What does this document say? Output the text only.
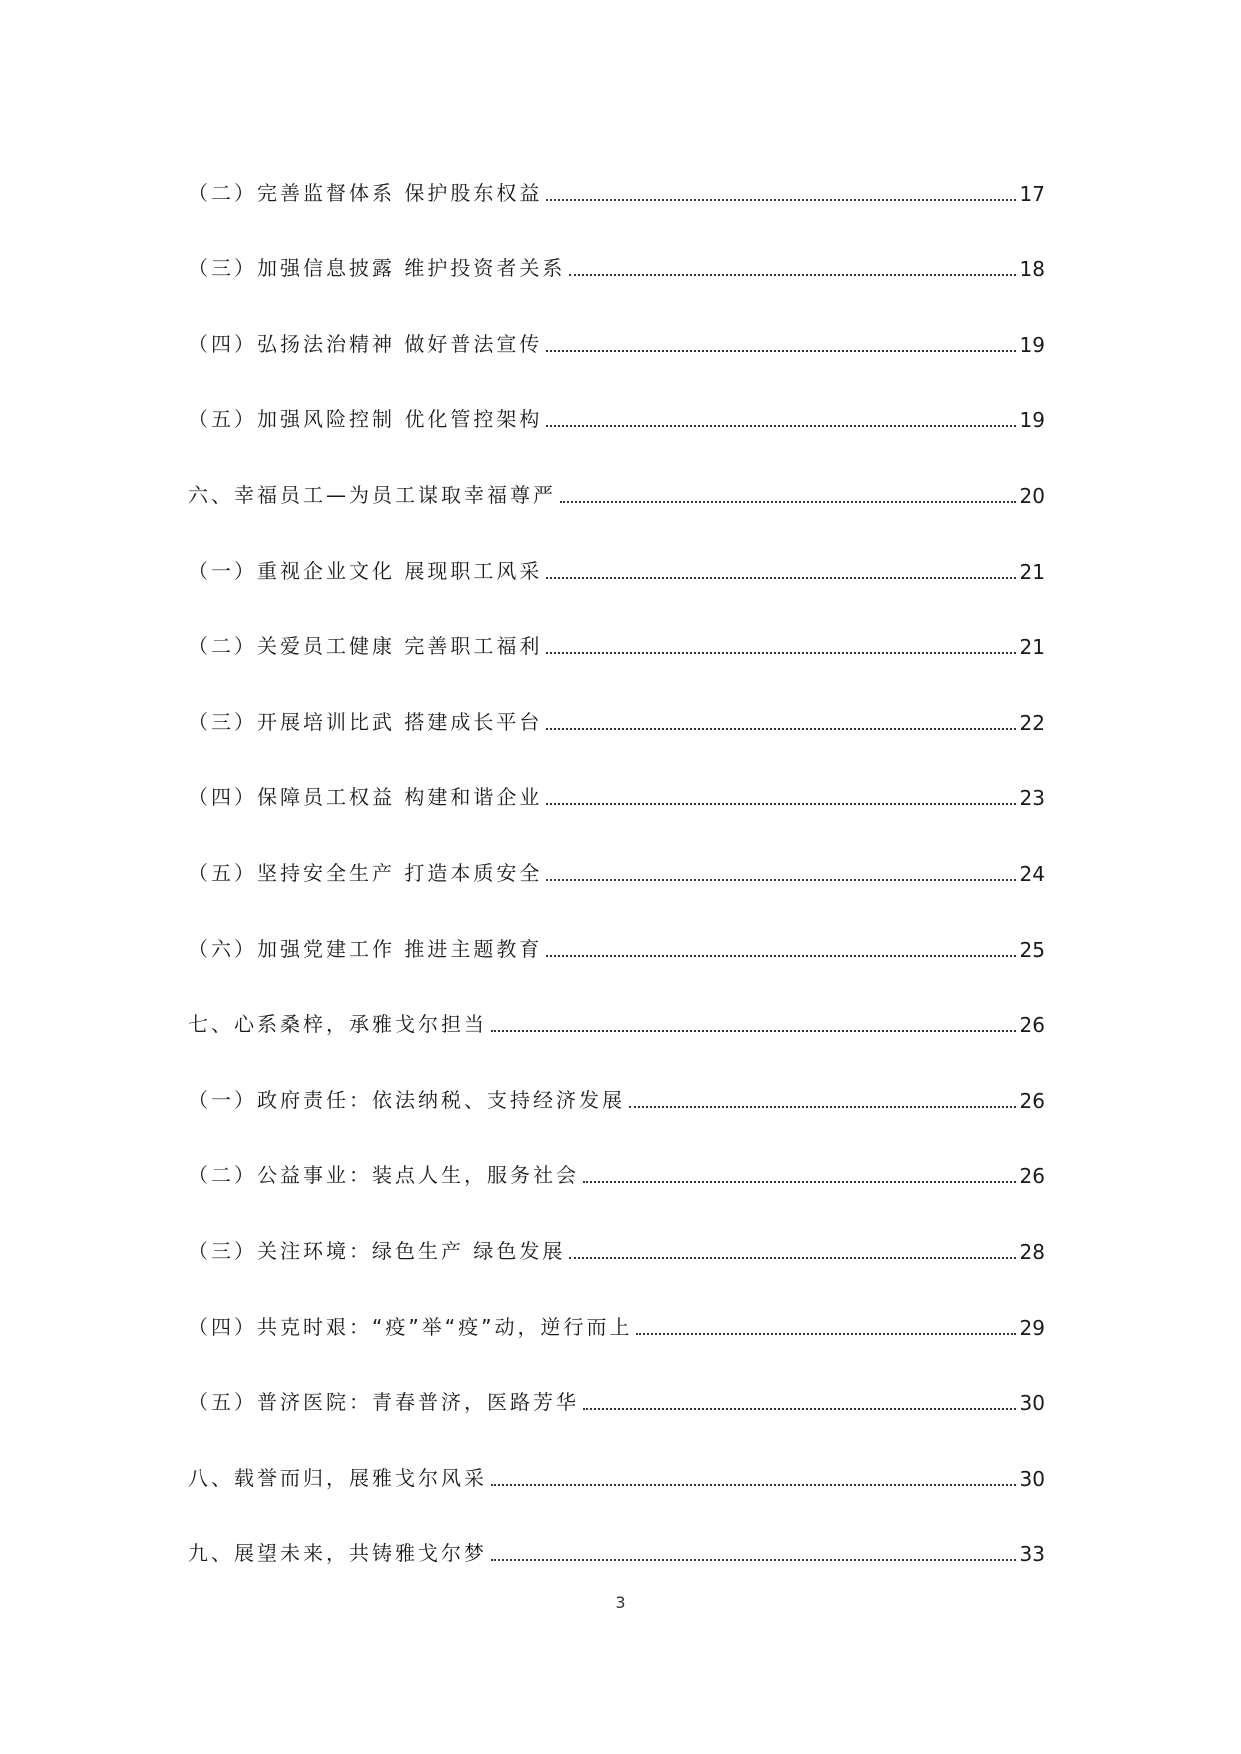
（二）完善监督体系 保护股东权益	17
（三）加强信息披露 维护投资者关系	18
（四）弘扬法治精神 做好普法宣传	19
（五）加强风险控制 优化管控架构	19
六、幸福员工—为员工谋取幸福尊严	20
（一）重视企业文化 展现职工风采	21
（二）关爱员工健康 完善职工福利	21
（三）开展培训比武 搭建成长平台	22
（四）保障员工权益 构建和谐企业	23
（五）坚持安全生产 打造本质安全	24
（六）加强党建工作 推进主题教育	25
七、心系桑梓，承雅戈尔担当	26
（一）政府责任：依法纳税、支持经济发展	26
（二）公益事业：装点人生，服务社会	26
（三）关注环境：绿色生产 绿色发展	28
（四）共克时艰：“疫”举“疫”动，逆行而上	29
（五）普济医院：青春普济，医路芳华	30
八、载誉而归，展雅戈尔风采	30
九、展望未来，共铸雅戈尔梦	33
3
